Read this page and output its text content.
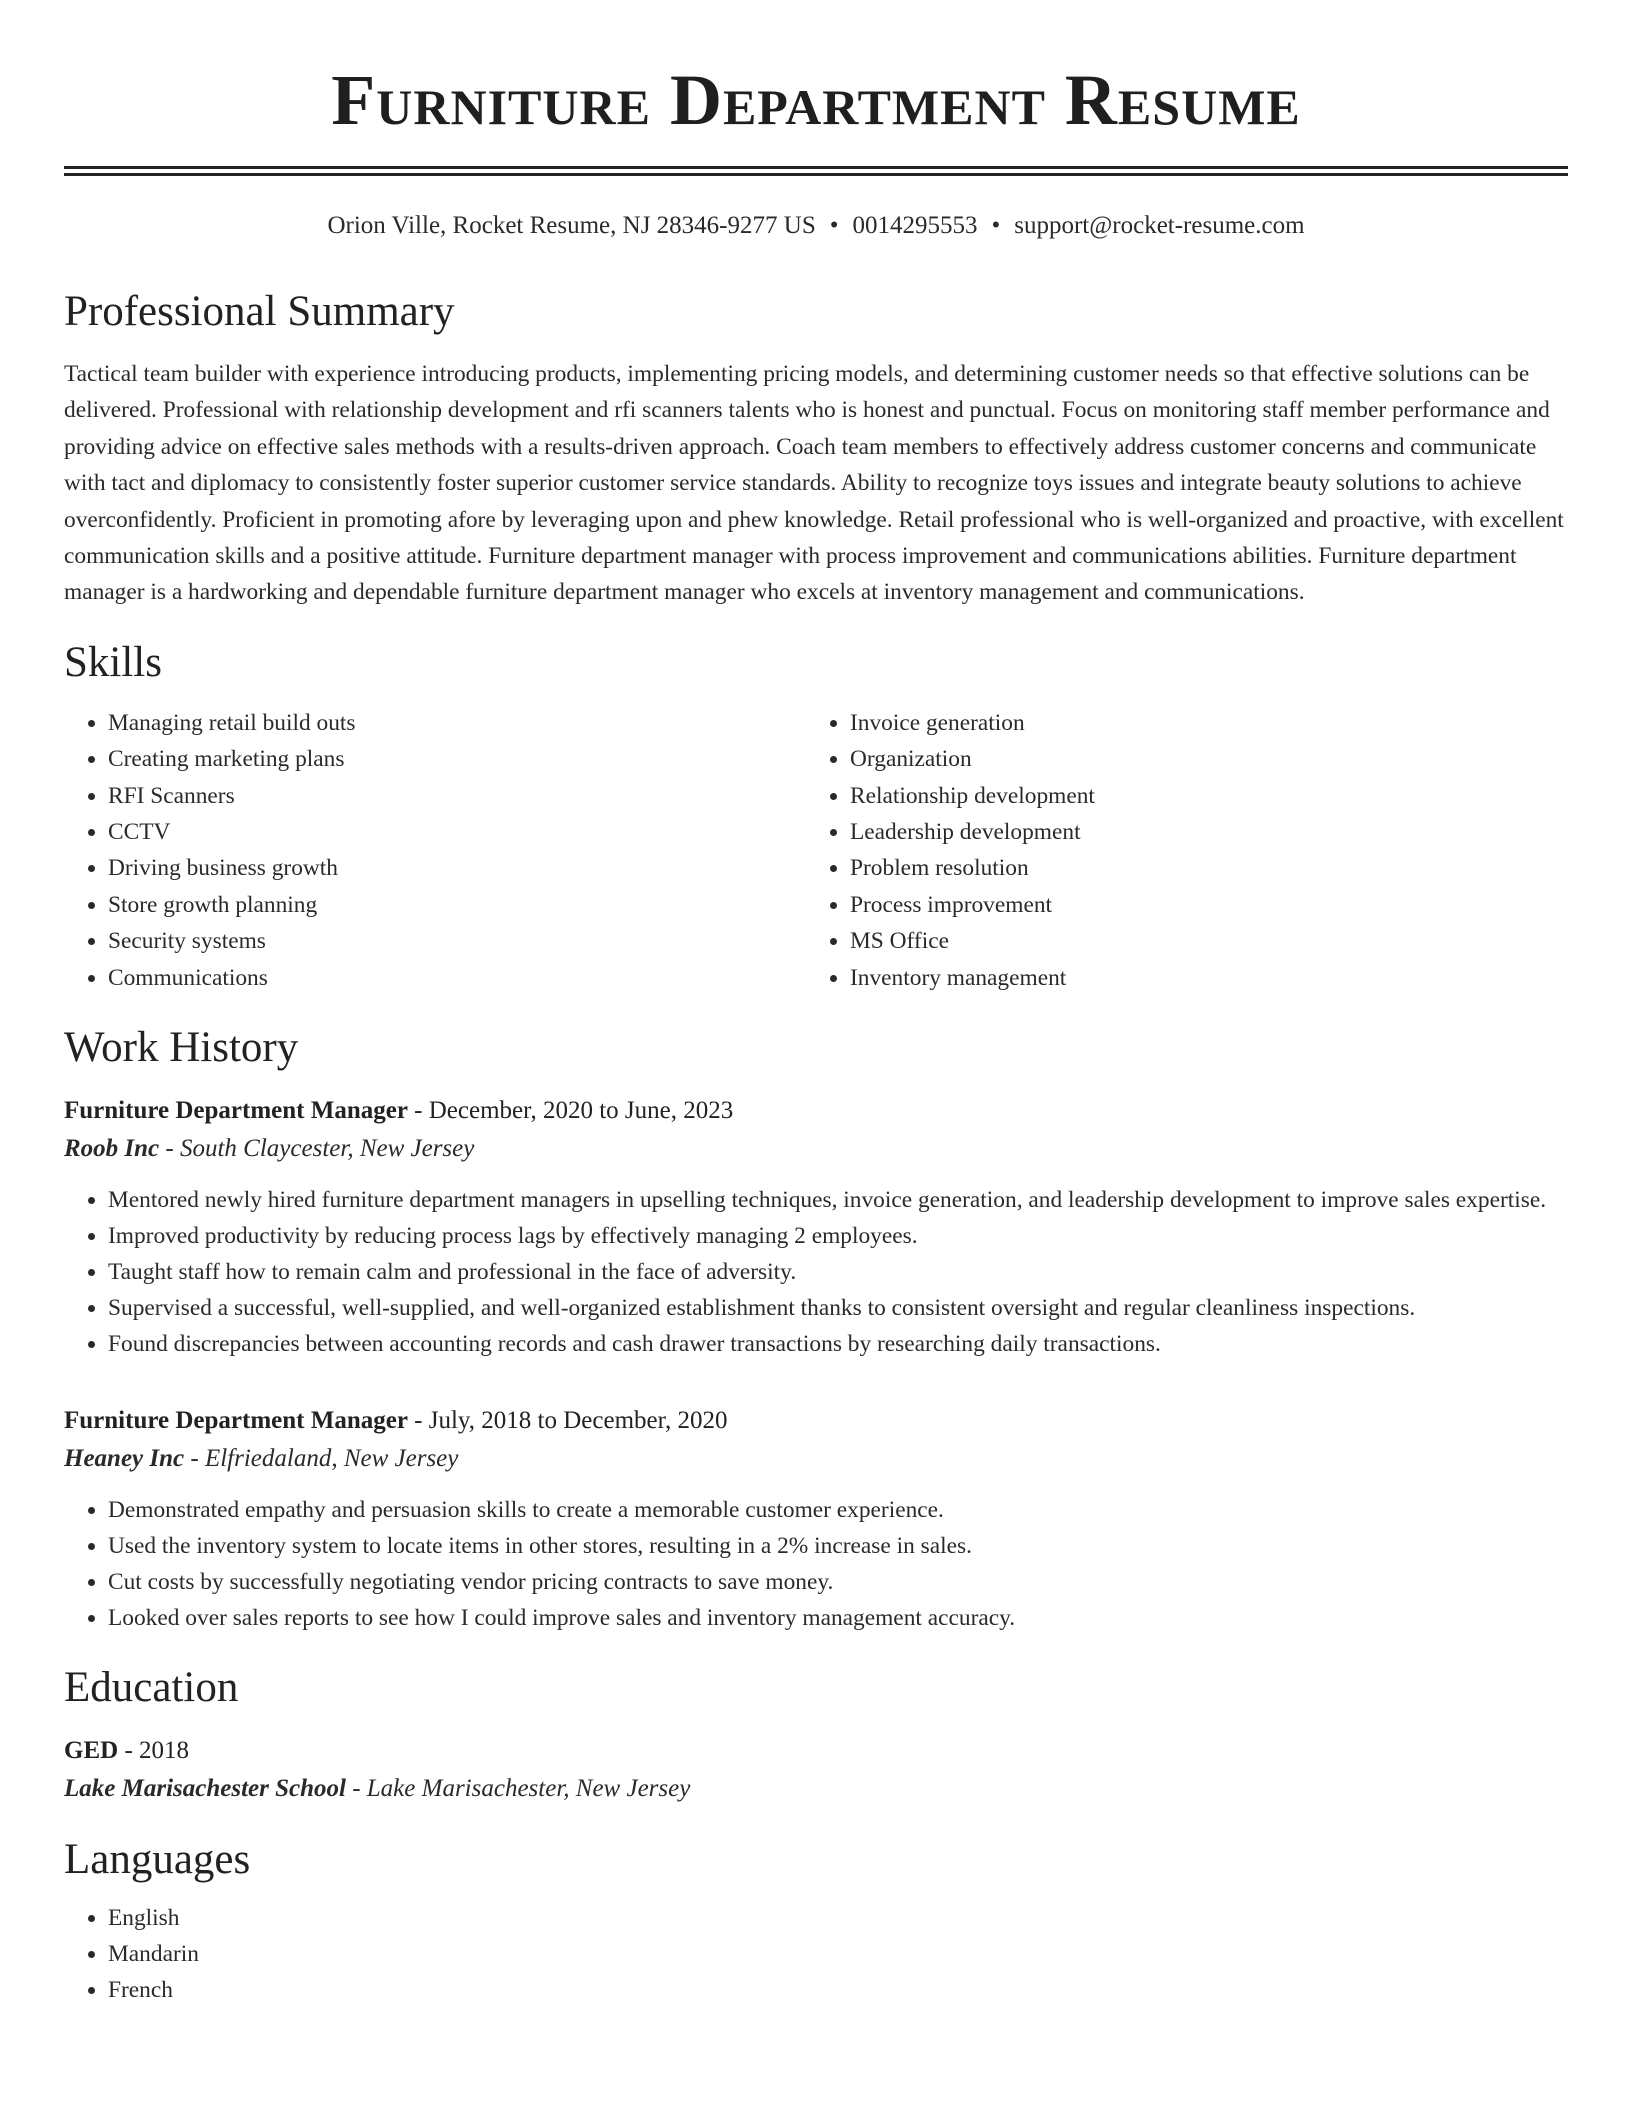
Furniture Department Resume
Orion Ville, Rocket Resume, NJ 28346-9277 US • 0014295553 • support@rocket-resume.com
Professional Summary
Tactical team builder with experience introducing products, implementing pricing models, and determining customer needs so that effective solutions can be delivered. Professional with relationship development and rfi scanners talents who is honest and punctual. Focus on monitoring staff member performance and providing advice on effective sales methods with a results-driven approach. Coach team members to effectively address customer concerns and communicate with tact and diplomacy to consistently foster superior customer service standards. Ability to recognize toys issues and integrate beauty solutions to achieve overconfidently. Proficient in promoting afore by leveraging upon and phew knowledge. Retail professional who is well-organized and proactive, with excellent communication skills and a positive attitude. Furniture department manager with process improvement and communications abilities. Furniture department manager is a hardworking and dependable furniture department manager who excels at inventory management and communications.
Skills
• Managing retail build outs
• Creating marketing plans
• RFI Scanners
• CCTV
• Driving business growth
• Store growth planning
• Security systems
• Communications
• Invoice generation
• Organization
• Relationship development
• Leadership development
• Problem resolution
• Process improvement
• MS Office
• Inventory management
Work History
Furniture Department Manager - December, 2020 to June, 2023
Roob Inc - South Claycester, New Jersey
• Mentored newly hired furniture department managers in upselling techniques, invoice generation, and leadership development to improve sales expertise.
• Improved productivity by reducing process lags by effectively managing 2 employees.
• Taught staff how to remain calm and professional in the face of adversity.
• Supervised a successful, well-supplied, and well-organized establishment thanks to consistent oversight and regular cleanliness inspections.
• Found discrepancies between accounting records and cash drawer transactions by researching daily transactions.
Furniture Department Manager - July, 2018 to December, 2020
Heaney Inc - Elfriedaland, New Jersey
• Demonstrated empathy and persuasion skills to create a memorable customer experience.
• Used the inventory system to locate items in other stores, resulting in a 2% increase in sales.
• Cut costs by successfully negotiating vendor pricing contracts to save money.
• Looked over sales reports to see how I could improve sales and inventory management accuracy.
Education
GED - 2018
Lake Marisachester School - Lake Marisachester, New Jersey
Languages
• English
• Mandarin
• French
